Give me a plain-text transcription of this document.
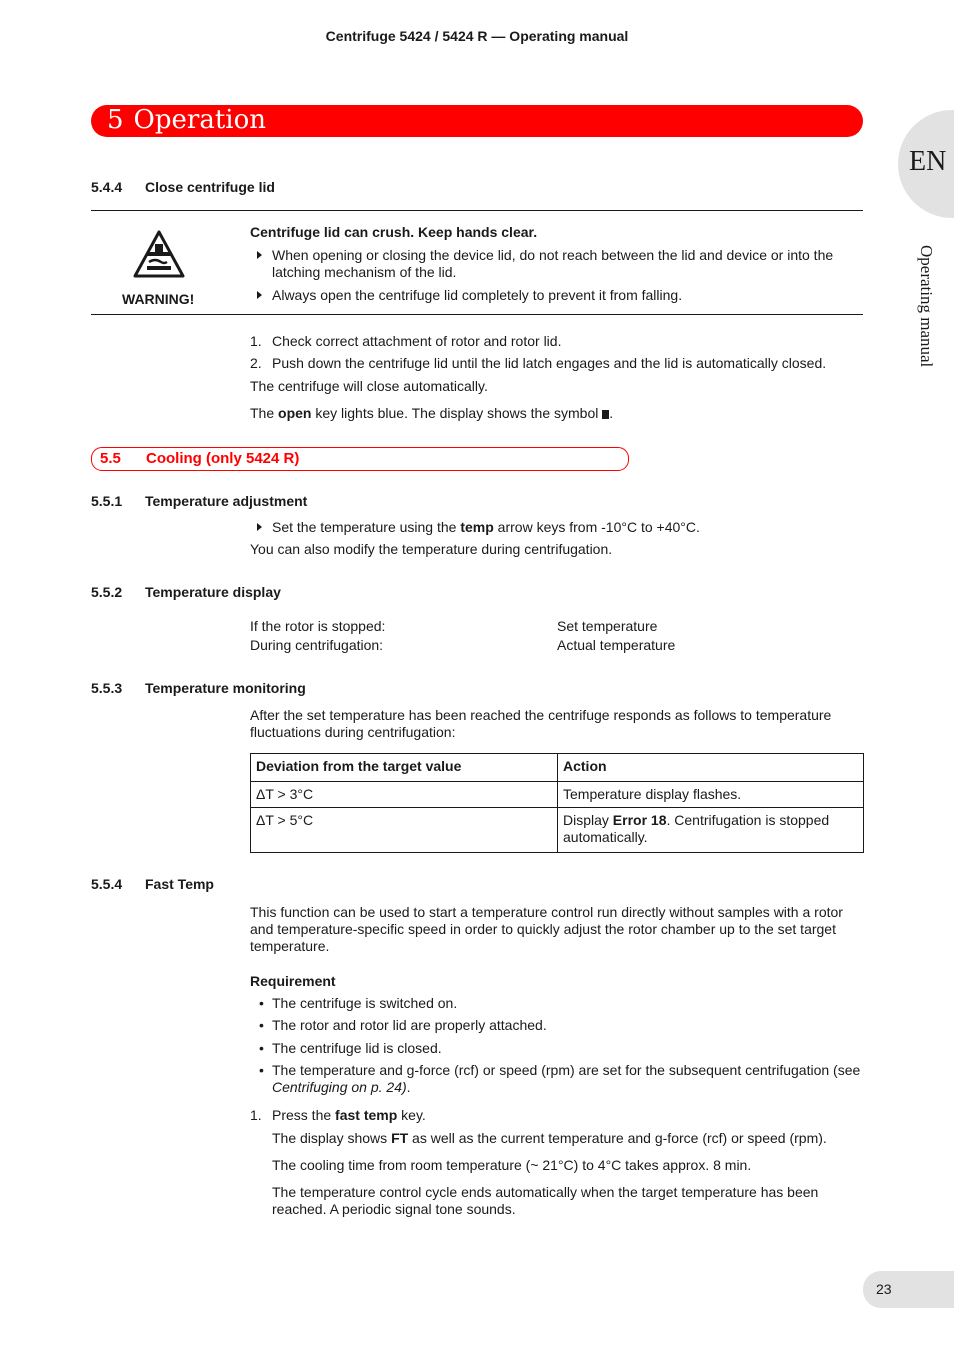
Centrifuge 5424 / 5424 R — Operating manual
5 Operation
EN
Operating manual
5.4.4 Close centrifuge lid
WARNING!
Centrifuge lid can crush. Keep hands clear.
When opening or closing the device lid, do not reach between the lid and device or into the latching mechanism of the lid.
Always open the centrifuge lid completely to prevent it from falling.
1. Check correct attachment of rotor and rotor lid.
2. Push down the centrifuge lid until the lid latch engages and the lid is automatically closed.
The centrifuge will close automatically.
The open key lights blue. The display shows the symbol .
5.5 Cooling (only 5424 R)
5.5.1 Temperature adjustment
Set the temperature using the temp arrow keys from -10°C to +40°C.
You can also modify the temperature during centrifugation.
5.5.2 Temperature display
If the rotor is stopped:	Set temperature
During centrifugation:	Actual temperature
5.5.3 Temperature monitoring
After the set temperature has been reached the centrifuge responds as follows to temperature fluctuations during centrifugation:
Deviation from the target value	Action
ΔT > 3°C	Temperature display flashes.
ΔT > 5°C	Display Error 18. Centrifugation is stopped automatically.
5.5.4 Fast Temp
This function can be used to start a temperature control run directly without samples with a rotor and temperature-specific speed in order to quickly adjust the rotor chamber up to the set target temperature.
Requirement
• The centrifuge is switched on.
• The rotor and rotor lid are properly attached.
• The centrifuge lid is closed.
• The temperature and g-force (rcf) or speed (rpm) are set for the subsequent centrifugation (see Centrifuging on p. 24).
1. Press the fast temp key.
The display shows FT as well as the current temperature and g-force (rcf) or speed (rpm).
The cooling time from room temperature (~ 21°C) to 4°C takes approx. 8 min.
The temperature control cycle ends automatically when the target temperature has been reached. A periodic signal tone sounds.
23
